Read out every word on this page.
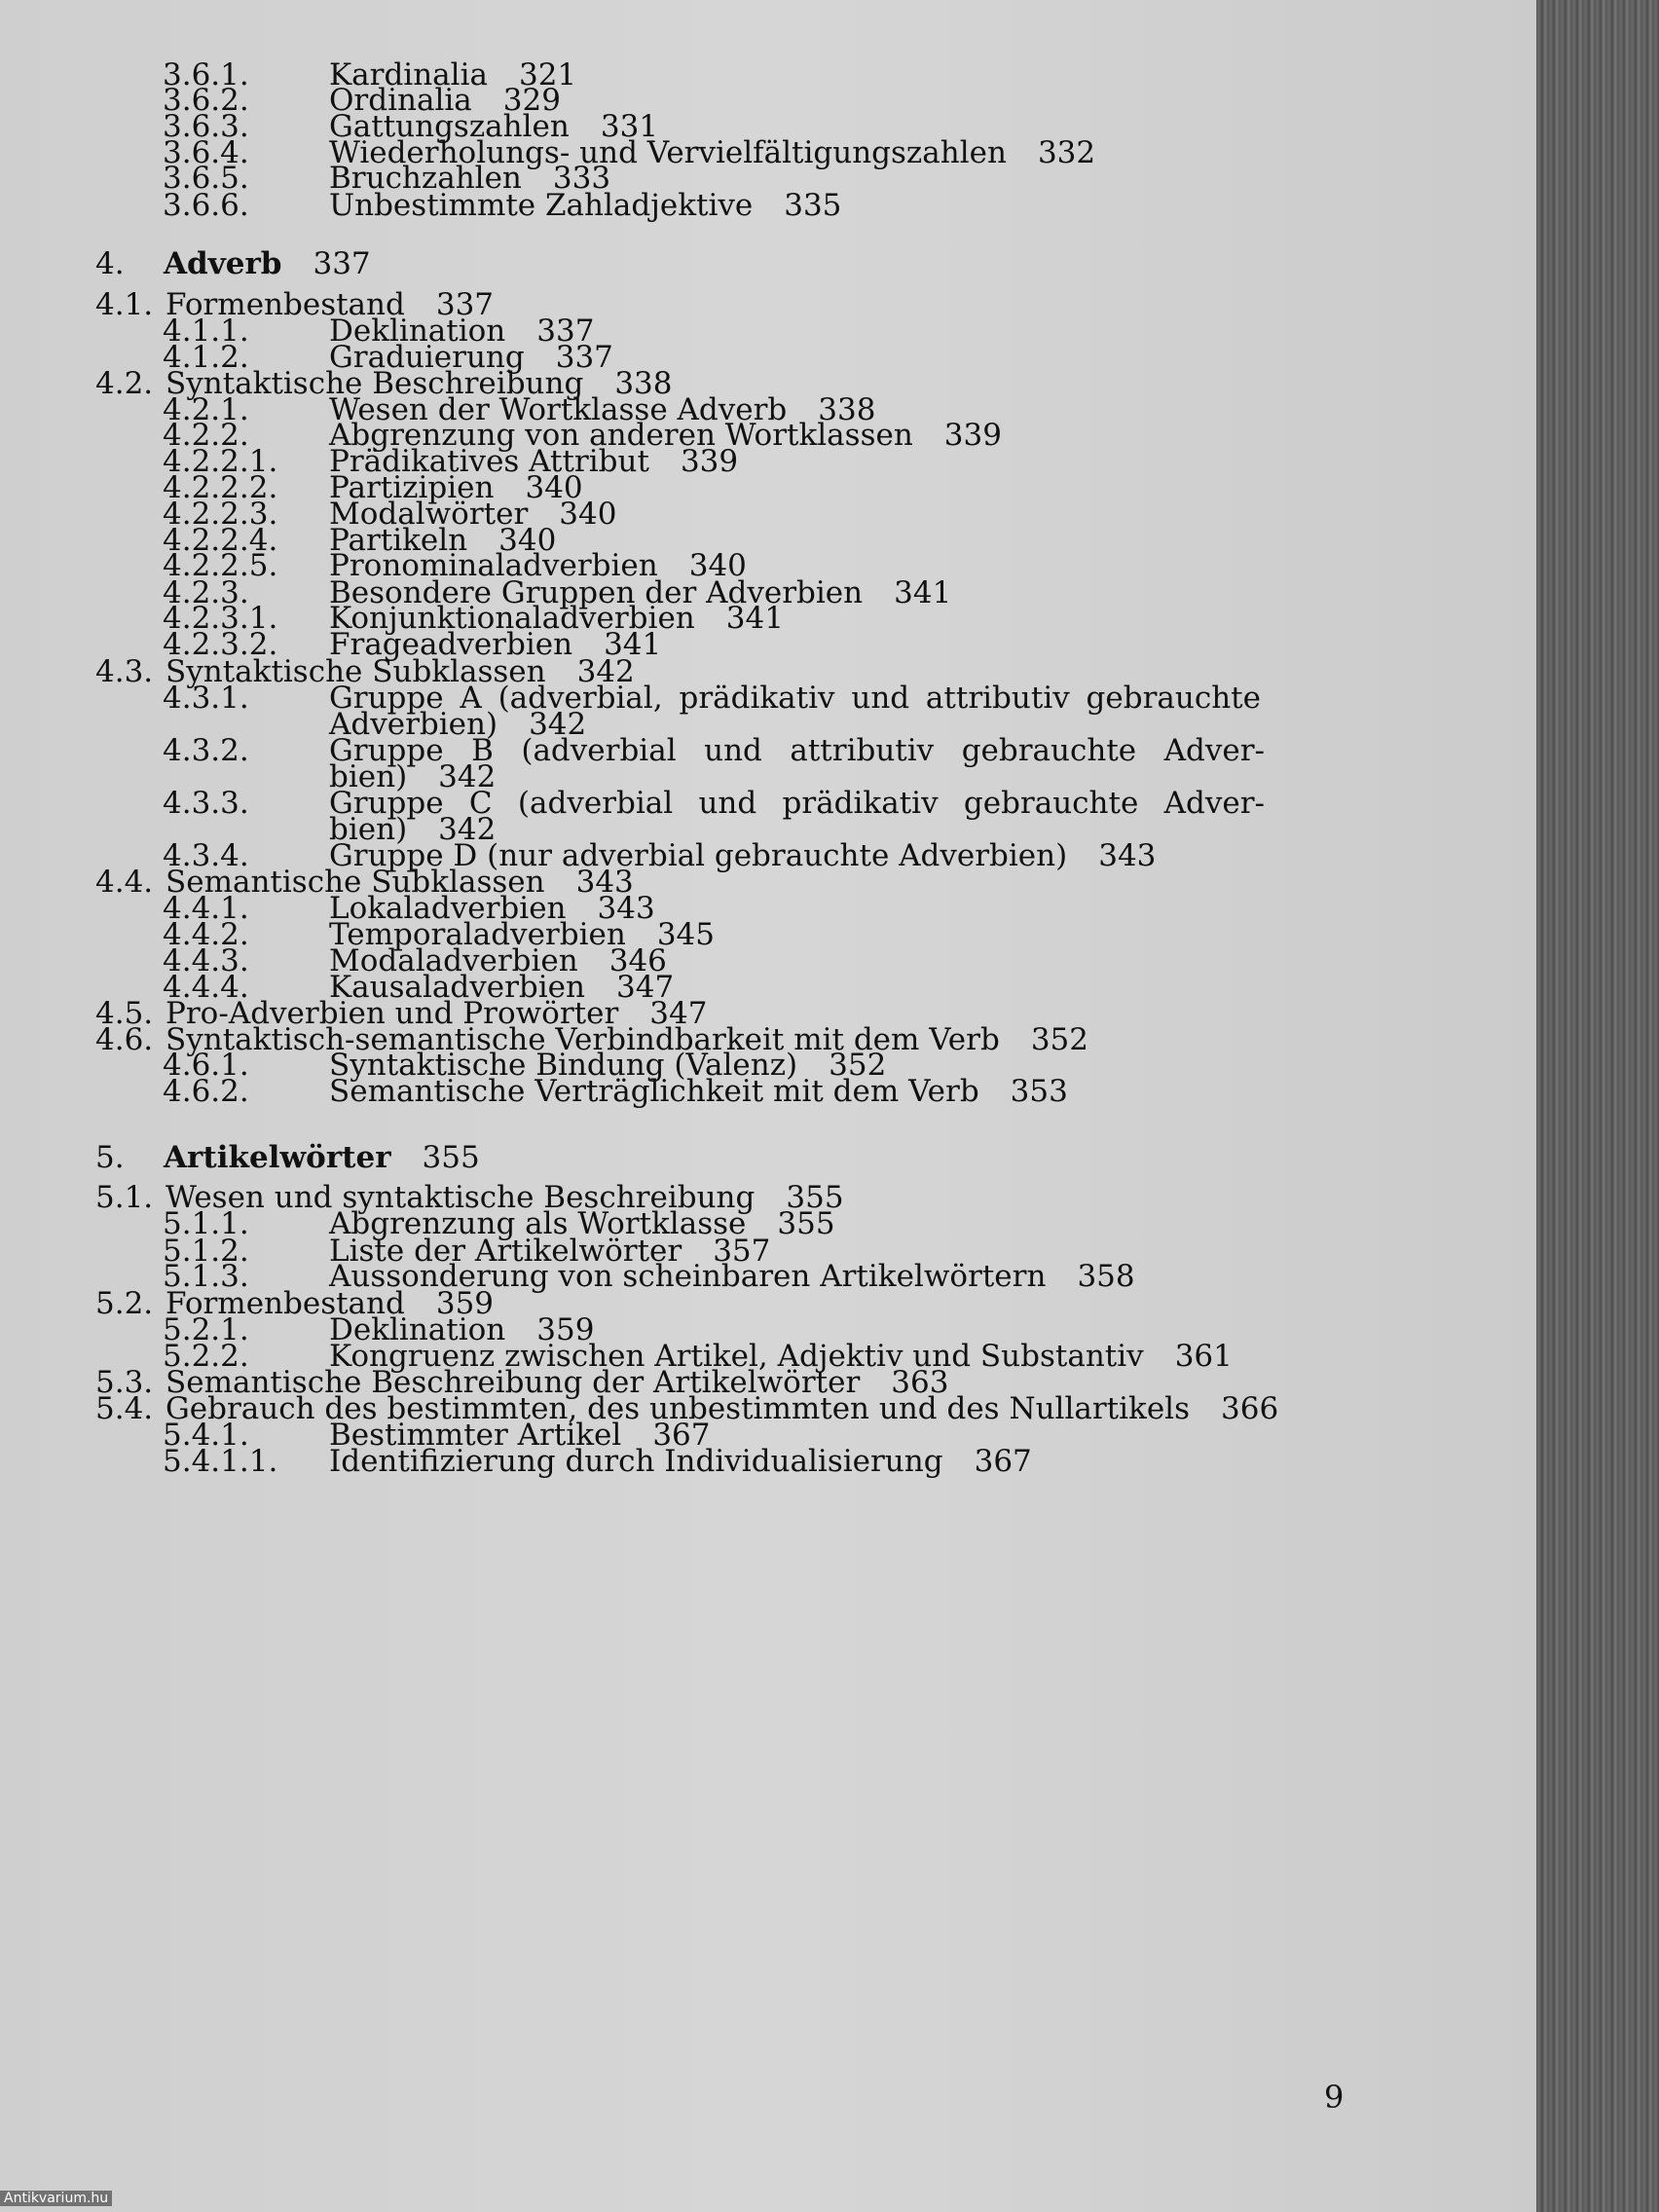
3.6.1.	Kardinalia 321
3.6.2.	Ordinalia 329
3.6.3.	Gattungszahlen 331
3.6.4.	Wiederholungs- und Vervielfältigungszahlen 332
3.6.5.	Bruchzahlen 333
3.6.6.	Unbestimmte Zahladjektive 335
4. Adverb 337
4.1. Formenbestand 337
4.1.1.	Deklination 337
4.1.2.	Graduierung 337
4.2. Syntaktische Beschreibung 338
4.2.1.	Wesen der Wortklasse Adverb 338
4.2.2.	Abgrenzung von anderen Wortklassen 339
4.2.2.1. Prädikatives Attribut 339
4.2.2.2. Partizipien 340
4.2.2.3. Modalwörter 340
4.2.2.4. Partikeln 340
4.2.2.5. Pronominaladverbien 340
4.2.3.	Besondere Gruppen der Adverbien 341
4.2.3.1. Konjunktionaladverbien 341
4.2.3.2. Frageadverbien 341
4.3. Syntaktische Subklassen 342
4.3.1.	Gruppe A (adverbial, prädikativ und attributiv gebrauchte
Adverbien) 342
4.3.2.	Gruppe B (adverbial und attributiv gebrauchte Adver-
bien) 342
4.3.3.	Gruppe C (adverbial und prädikativ gebrauchte Adver-
bien) 342
4.3.4.	Gruppe D (nur adverbial gebrauchte Adverbien) 343
4.4. Semantische Subklassen 343
4.4.1.	Lokaladverbien 343
4.4.2.	Temporaladverbien 345
4.4.3.	Modaladverbien 346
4.4.4.	Kausaladverbien 347
4.5. Pro-Adverbien und Prowörter 347
4.6. Syntaktisch-semantische Verbindbarkeit mit dem Verb 352
4.6.1.	Syntaktische Bindung (Valenz) 352
4.6.2.	Semantische Verträglichkeit mit dem Verb 353
5. Artikelwörter 355
5.1. Wesen und syntaktische Beschreibung 355
5.1.1.	Abgrenzung als Wortklasse 355
5.1.2.	Liste der Artikelwörter 357
5.1.3.	Aussonderung von scheinbaren Artikelwörtern 358
5.2. Formenbestand 359
5.2.1.	Deklination 359
5.2.2.	Kongruenz zwischen Artikel, Adjektiv und Substantiv 361
5.3. Semantische Beschreibung der Artikelwörter 363
5.4. Gebrauch des bestimmten, des unbestimmten und des Nullartikels 366
5.4.1.	Bestimmter Artikel 367
5.4.1.1. Identifizierung durch Individualisierung 367
9
Antikvarium.hu
